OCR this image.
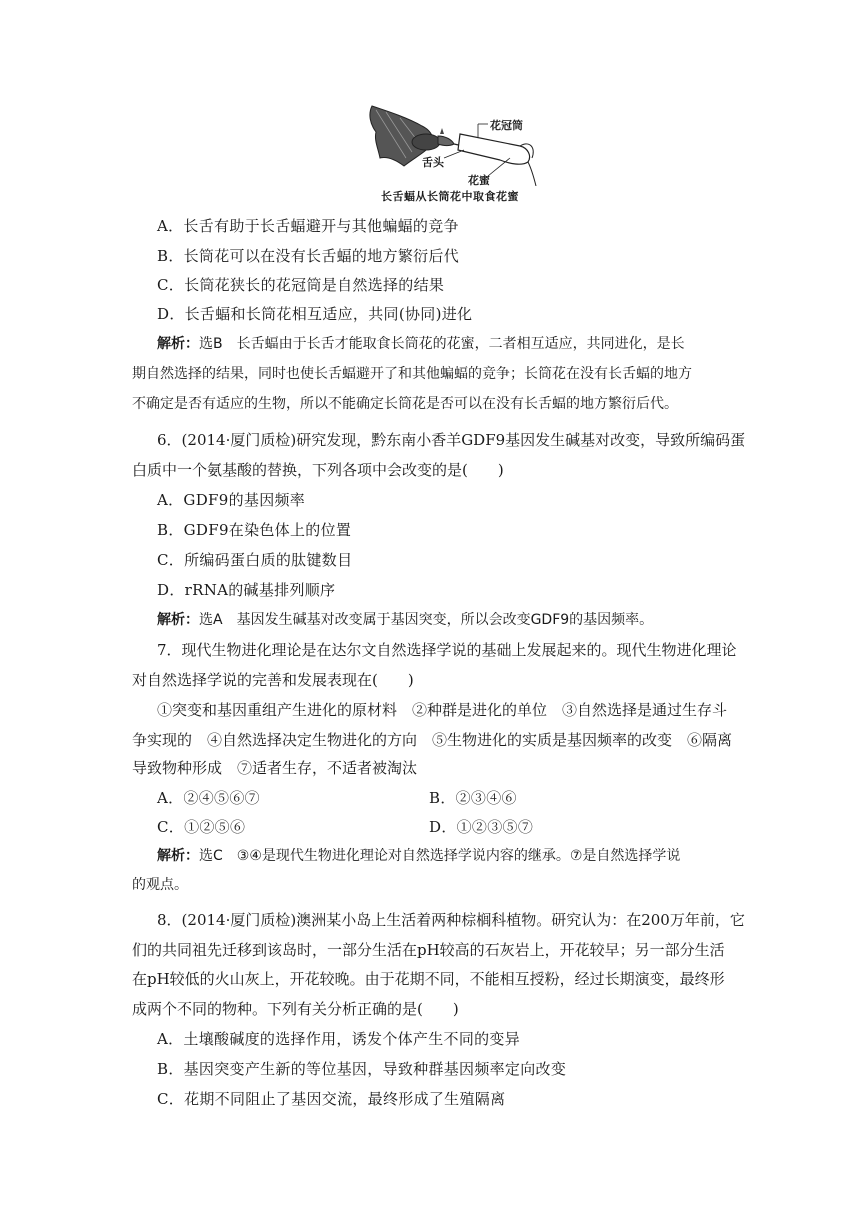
花冠筒
舌头
花蜜
长舌蝠从长筒花中取食花蜜
A．长舌有助于长舌蝠避开与其他蝙蝠的竞争
B．长筒花可以在没有长舌蝠的地方繁衍后代
C．长筒花狭长的花冠筒是自然选择的结果
D．长舌蝠和长筒花相互适应，共同(协同)进化
解析：选B　长舌蝠由于长舌才能取食长筒花的花蜜，二者相互适应，共同进化，是长
期自然选择的结果，同时也使长舌蝠避开了和其他蝙蝠的竞争；长筒花在没有长舌蝠的地方
不确定是否有适应的生物，所以不能确定长筒花是否可以在没有长舌蝠的地方繁衍后代。
6．(2014·厦门质检)研究发现，黔东南小香羊GDF9基因发生碱基对改变，导致所编码蛋
白质中一个氨基酸的替换，下列各项中会改变的是(　　)
A．GDF9的基因频率
B．GDF9在染色体上的位置
C．所编码蛋白质的肽键数目
D．rRNA的碱基排列顺序
解析：选A　基因发生碱基对改变属于基因突变，所以会改变GDF9的基因频率。
7．现代生物进化理论是在达尔文自然选择学说的基础上发展起来的。现代生物进化理论
对自然选择学说的完善和发展表现在(　　)
①突变和基因重组产生进化的原材料　②种群是进化的单位　③自然选择是通过生存斗
争实现的　④自然选择决定生物进化的方向　⑤生物进化的实质是基因频率的改变　⑥隔离
导致物种形成　⑦适者生存，不适者被淘汰
A．②④⑤⑥⑦	B．②③④⑥
C．①②⑤⑥	D．①②③⑤⑦
解析：选C　③④是现代生物进化理论对自然选择学说内容的继承。⑦是自然选择学说
的观点。
8．(2014·厦门质检)澳洲某小岛上生活着两种棕榈科植物。研究认为：在200万年前，它
们的共同祖先迁移到该岛时，一部分生活在pH较高的石灰岩上，开花较早；另一部分生活
在pH较低的火山灰上，开花较晚。由于花期不同，不能相互授粉，经过长期演变，最终形
成两个不同的物种。下列有关分析正确的是(　　)
A．土壤酸碱度的选择作用，诱发个体产生不同的变异
B．基因突变产生新的等位基因，导致种群基因频率定向改变
C．花期不同阻止了基因交流，最终形成了生殖隔离
